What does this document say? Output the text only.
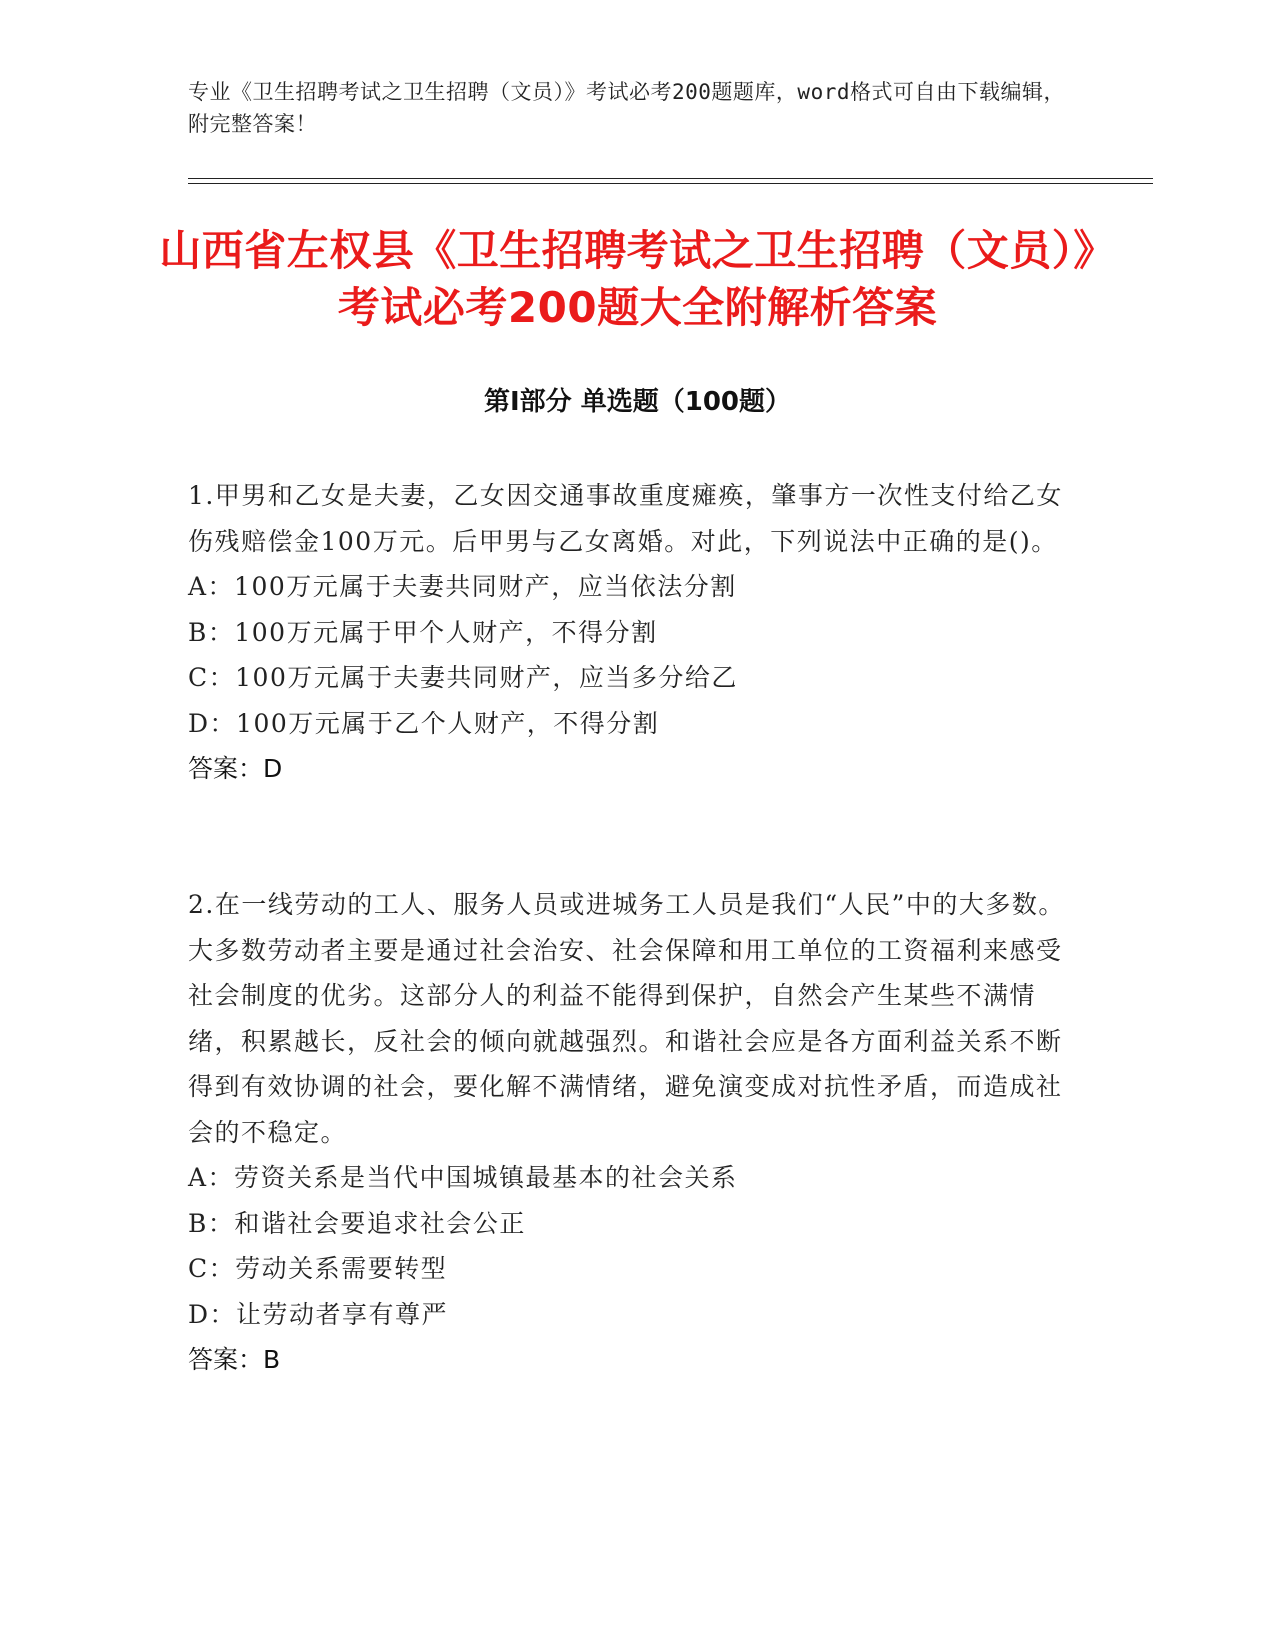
专业《卫生招聘考试之卫生招聘（文员）》考试必考200题题库，word格式可自由下载编辑，附完整答案！
山西省左权县《卫生招聘考试之卫生招聘（文员）》考试必考200题大全附解析答案
第I部分 单选题（100题）
1.甲男和乙女是夫妻，乙女因交通事故重度瘫痪，肇事方一次性支付给乙女伤残赔偿金100万元。后甲男与乙女离婚。对此，下列说法中正确的是()。
A：100万元属于夫妻共同财产，应当依法分割
B：100万元属于甲个人财产，不得分割
C：100万元属于夫妻共同财产，应当多分给乙
D：100万元属于乙个人财产，不得分割
答案：D
2.在一线劳动的工人、服务人员或进城务工人员是我们“人民”中的大多数。大多数劳动者主要是通过社会治安、社会保障和用工单位的工资福利来感受社会制度的优劣。这部分人的利益不能得到保护，自然会产生某些不满情绪，积累越长，反社会的倾向就越强烈。和谐社会应是各方面利益关系不断得到有效协调的社会，要化解不满情绪，避免演变成对抗性矛盾，而造成社会的不稳定。
A：劳资关系是当代中国城镇最基本的社会关系
B：和谐社会要追求社会公正
C：劳动关系需要转型
D：让劳动者享有尊严
答案：B
